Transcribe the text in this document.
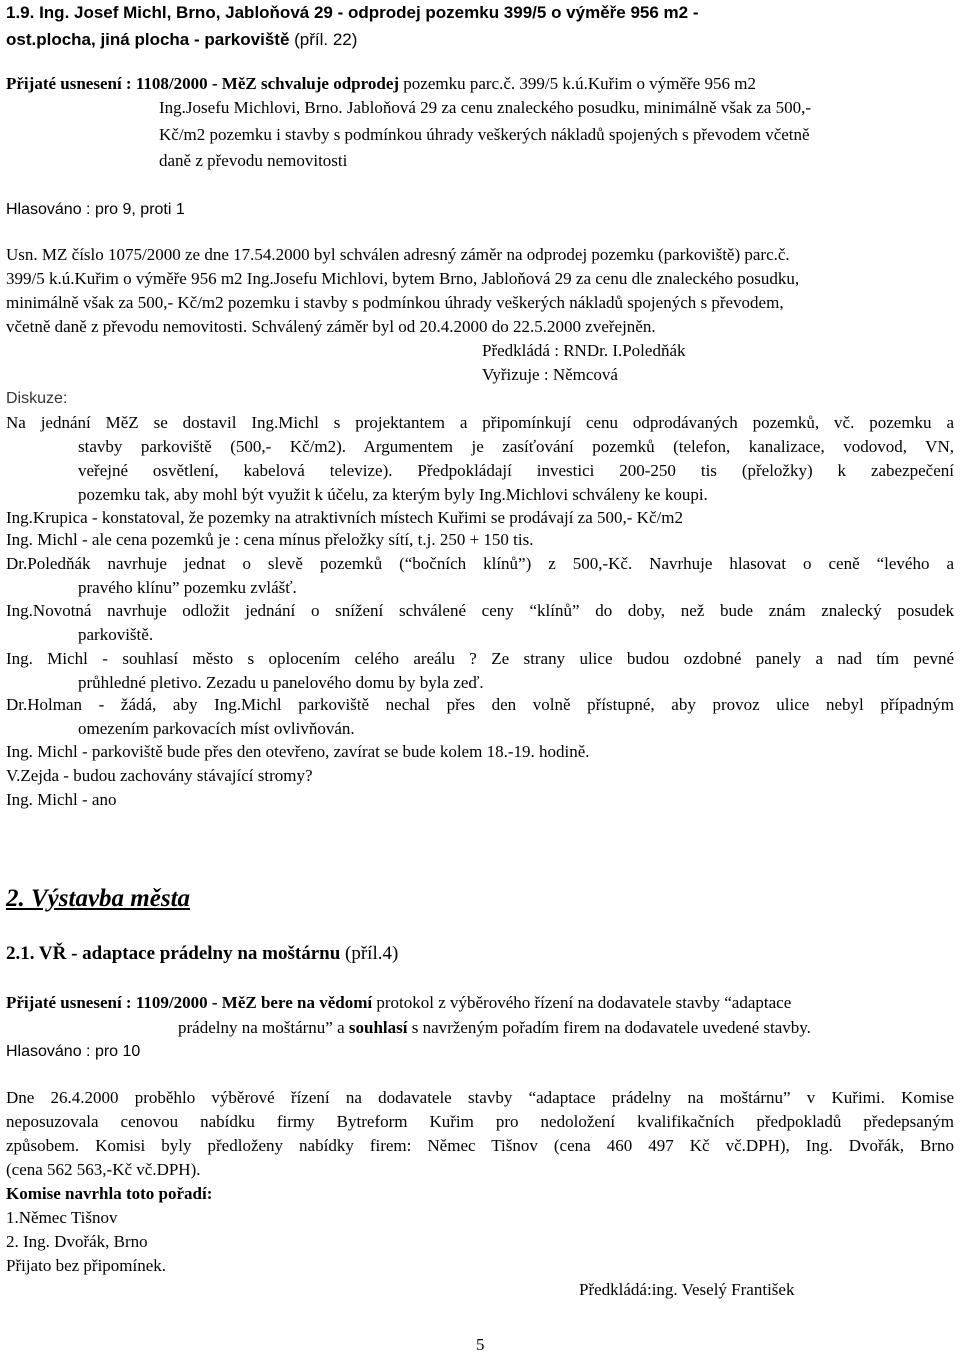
1.9. Ing. Josef Michl, Brno, Jabloňová 29 - odprodej pozemku 399/5 o výměře 956 m2 -
ost.plocha, jiná plocha - parkoviště (příl. 22)
Přijaté usnesení : 1108/2000 - MěZ schvaluje odprodej pozemku parc.č. 399/5 k.ú.Kuřim o výměře 956 m2
Ing.Josefu Michlovi, Brno. Jabloňová 29 za cenu znaleckého posudku, minimálně však za 500,-
Kč/m2 pozemku i stavby s podmínkou úhrady veškerých nákladů spojených s převodem včetně
daně z převodu nemovitosti
Hlasováno : pro 9, proti 1
Usn. MZ číslo 1075/2000 ze dne 17.54.2000 byl schválen adresný záměr na odprodej pozemku (parkoviště) parc.č.
399/5 k.ú.Kuřim o výměře 956 m2 Ing.Josefu Michlovi, bytem Brno, Jabloňová 29 za cenu dle znaleckého posudku,
minimálně však za 500,- Kč/m2 pozemku i stavby s podmínkou úhrady veškerých nákladů spojených s převodem,
včetně daně z převodu nemovitosti. Schválený záměr byl od 20.4.2000 do 22.5.2000 zveřejněn.
Předkládá : RNDr. I.Poledňák
Vyřizuje : Němcová
Diskuze:
Na jednání MěZ se dostavil Ing.Michl s projektantem a připomínkují cenu odprodávaných pozemků, vč. pozemku a
stavby parkoviště (500,- Kč/m2). Argumentem je zasíťování pozemků (telefon, kanalizace, vodovod, VN,
veřejné osvětlení, kabelová televize). Předpokládají investici 200-250 tis (přeložky) k zabezpečení
pozemku tak, aby mohl být využit k účelu, za kterým byly Ing.Michlovi schváleny ke koupi.
Ing.Krupica - konstatoval, že pozemky na atraktivních místech Kuřimi se prodávají za 500,- Kč/m2
Ing. Michl - ale cena pozemků je : cena mínus přeložky sítí, t.j. 250 + 150 tis.
Dr.Poledňák navrhuje jednat o slevě pozemků (“bočních klínů”) z 500,-Kč. Navrhuje hlasovat o ceně “levého a
pravého klínu” pozemku zvlášť.
Ing.Novotná navrhuje odložit jednání o snížení schválené ceny “klínů” do doby, než bude znám znalecký posudek
parkoviště.
Ing. Michl - souhlasí město s oplocením celého areálu ? Ze strany ulice budou ozdobné panely a nad tím pevné
průhledné pletivo. Zezadu u panelového domu by byla zeď.
Dr.Holman - žádá, aby Ing.Michl parkoviště nechal přes den volně přístupné, aby provoz ulice nebyl případným
omezením parkovacích míst ovlivňován.
Ing. Michl - parkoviště bude přes den otevřeno, zavírat se bude kolem 18.-19. hodině.
V.Zejda - budou zachovány stávající stromy?
Ing. Michl - ano
2. Výstavba města
2.1. VŘ - adaptace prádelny na moštárnu (příl.4)
Přijaté usnesení : 1109/2000 - MěZ bere na vědomí protokol z výběrového řízení na dodavatele stavby “adaptace
prádelny na moštárnu” a souhlasí s navrženým pořadím firem na dodavatele uvedené stavby.
Hlasováno : pro 10
Dne 26.4.2000 proběhlo výběrové řízení na dodavatele stavby “adaptace prádelny na moštárnu” v Kuřimi. Komise
neposuzovala cenovou nabídku firmy Bytreform Kuřim pro nedoložení kvalifikačních předpokladů předepsaným
způsobem. Komisi byly předloženy nabídky firem: Němec Tišnov (cena 460 497 Kč vč.DPH), Ing. Dvořák, Brno
(cena 562 563,-Kč vč.DPH).
Komise navrhla toto pořadí:
1.Němec Tišnov
2. Ing. Dvořák, Brno
Přijato bez připomínek.
Předkládá:ing. Veselý František
5
